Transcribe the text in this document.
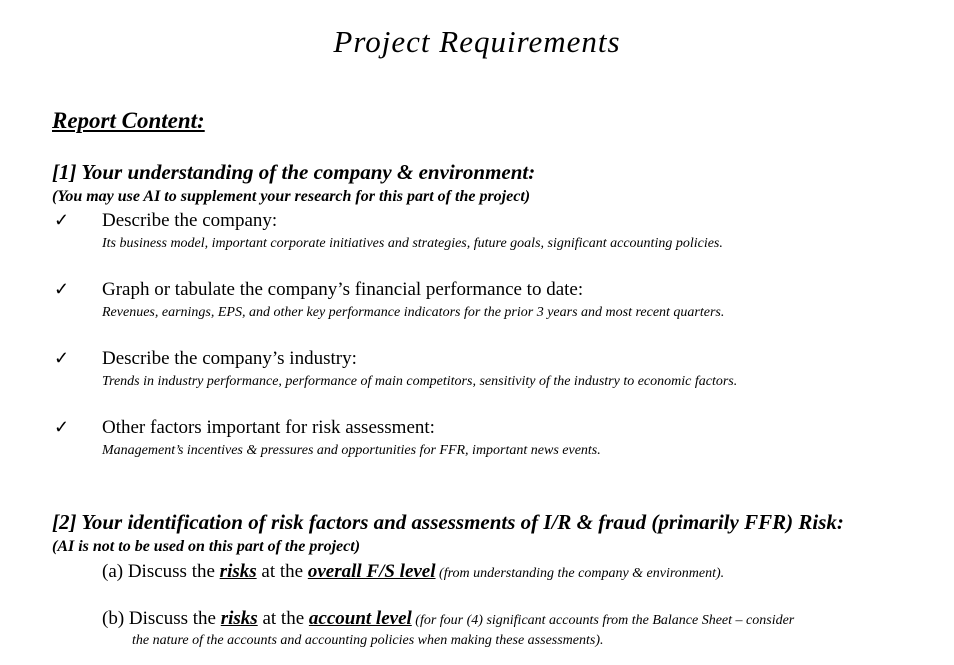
Project Requirements
Report Content:
[1] Your understanding of the company & environment:
(You may use AI to supplement your research for this part of the project)
✓ Describe the company:
Its business model, important corporate initiatives and strategies, future goals, significant accounting policies.
✓ Graph or tabulate the company’s financial performance to date:
Revenues, earnings, EPS, and other key performance indicators for the prior 3 years and most recent quarters.
✓ Describe the company’s industry:
Trends in industry performance, performance of main competitors, sensitivity of the industry to economic factors.
✓ Other factors important for risk assessment:
Management’s incentives & pressures and opportunities for FFR, important news events.
[2] Your identification of risk factors and assessments of I/R & fraud (primarily FFR) Risk:
(AI is not to be used on this part of the project)
(a) Discuss the risks at the overall F/S level (from understanding the company & environment).
(b) Discuss the risks at the account level (for four (4) significant accounts from the Balance Sheet – consider
the nature of the accounts and accounting policies when making these assessments).
